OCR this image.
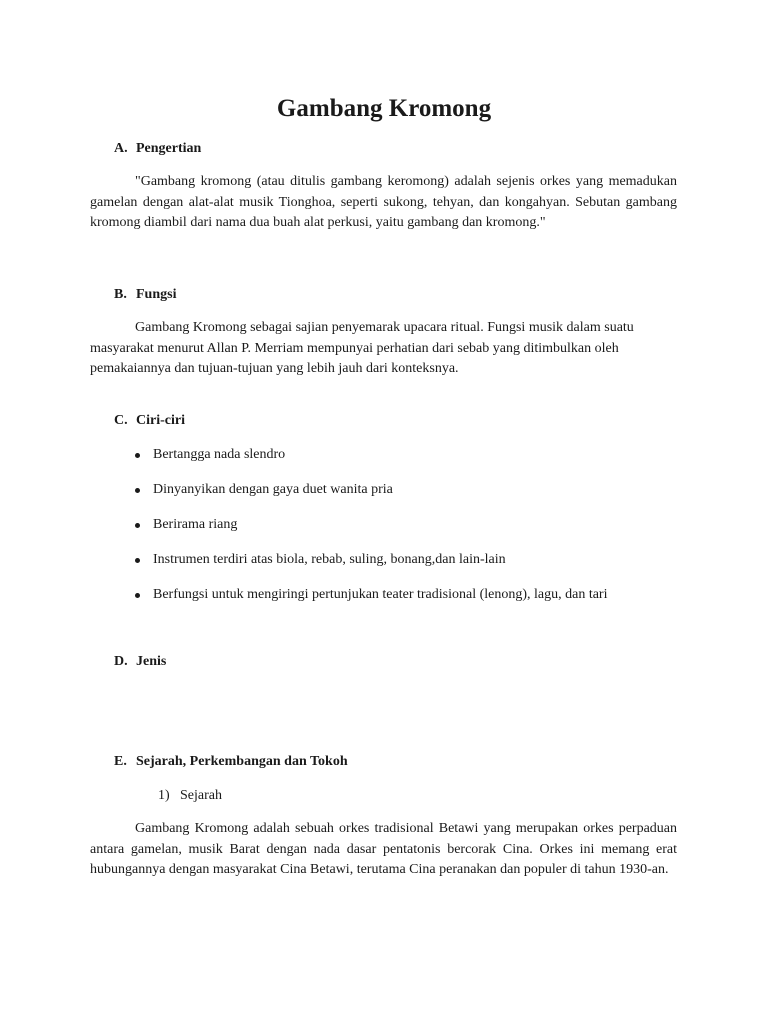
Gambang Kromong
A. Pengertian

"Gambang kromong (atau ditulis gambang keromong) adalah sejenis orkes yang memadukan gamelan dengan alat-alat musik Tionghoa, seperti sukong, tehyan, dan kongahyan. Sebutan gambang kromong diambil dari nama dua buah alat perkusi, yaitu gambang dan kromong."

B. Fungsi

Gambang Kromong sebagai sajian penyemarak upacara ritual. Fungsi musik dalam suatu masyarakat menurut Allan P. Merriam mempunyai perhatian dari sebab yang ditimbulkan oleh pemakaiannya dan tujuan-tujuan yang lebih jauh dari konteksnya.

C. Ciri-ciri
Bertangga nada slendro
Dinyanyikan dengan gaya duet wanita pria
Berirama riang
Instrumen terdiri atas biola, rebab, suling, bonang,dan lain-lain
Berfungsi untuk mengiringi pertunjukan teater tradisional (lenong), lagu, dan tari
D. Jenis
E. Sejarah, Perkembangan dan Tokoh
1) Sejarah

Gambang Kromong adalah sebuah orkes tradisional Betawi yang merupakan orkes perpaduan antara gamelan, musik Barat dengan nada dasar pentatonis bercorak Cina. Orkes ini memang erat hubungannya dengan masyarakat Cina Betawi, terutama Cina peranakan dan populer di tahun 1930-an.
